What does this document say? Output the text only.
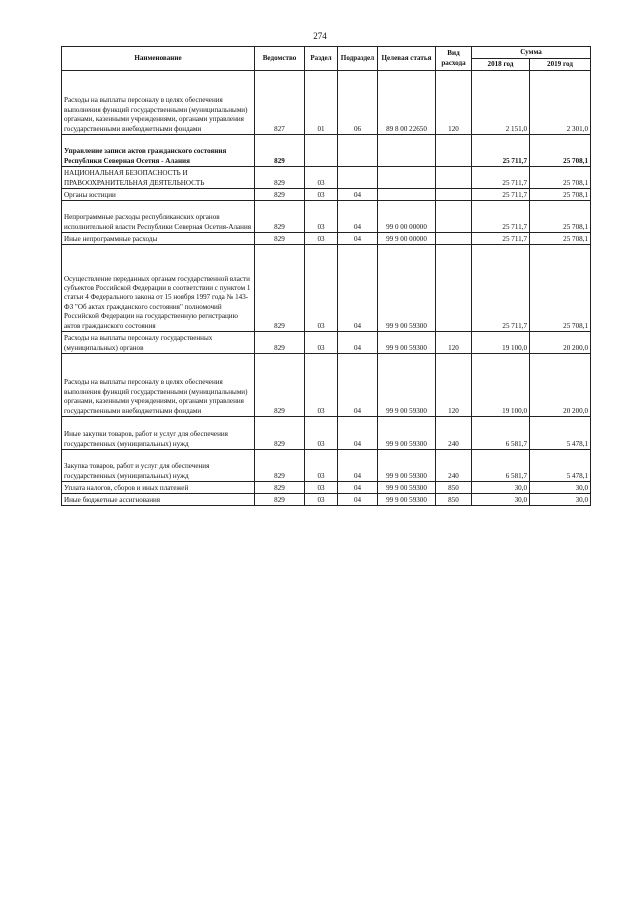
274
Наименование	Ведомство	Раздел	Подраздел	Целевая статья	Вид расхода	Сумма	
						2018 год	2019 год
Расходы на выплаты персоналу в целях обеспечения выполнения функций государственными (муниципальными) органами, казенными учреждениями, органами управления государственными внебюджетными фондами	827	01	06	89 8 00 22650	120	2 151,0	2 301,0
Управление записи актов гражданского состояния Республики Северная Осетия - Алания	829					25 711,7	25 708,1
НАЦИОНАЛЬНАЯ БЕЗОПАСНОСТЬ И ПРАВООХРАНИТЕЛЬНАЯ ДЕЯТЕЛЬНОСТЬ	829	03				25 711,7	25 708,1
Органы юстиции	829	03	04			25 711,7	25 708,1
Непрограммные расходы республиканских органов исполнительной власти Республики Северная Осетия-Алания	829	03	04	99 0 00 00000		25 711,7	25 708,1
Иные непрограммные расходы	829	03	04	99 9 00 00000		25 711,7	25 708,1
Осуществление переданных органам государственной власти субъектов Российской Федерации в соответствии с пунктом 1 статьи 4 Федерального закона от 15 ноября 1997 года № 143-ФЗ "Об актах гражданского состояния" полномочий Российской Федерации на государственную регистрацию актов гражданского состояния	829	03	04	99 9 00 59300		25 711,7	25 708,1
Расходы на выплаты персоналу государственных (муниципальных) органов	829	03	04	99 9 00 59300	120	19 100,0	20 200,0
Расходы на выплаты персоналу в целях обеспечения выполнения функций государственными (муниципальными) органами, казенными учреждениями, органами управления государственными внебюджетными фондами	829	03	04	99 9 00 59300	120	19 100,0	20 200,0
Иные закупки товаров, работ и услуг для обеспечения государственных (муниципальных) нужд	829	03	04	99 9 00 59300	240	6 581,7	5 478,1
Закупка товаров, работ и услуг для обеспечения государственных (муниципальных) нужд	829	03	04	99 9 00 59300	240	6 581,7	5 478,1
Уплата налогов, сборов и иных платежей	829	03	04	99 9 00 59300	850	30,0	30,0
Иные бюджетные ассигнования	829	03	04	99 9 00 59300	850	30,0	30,0
